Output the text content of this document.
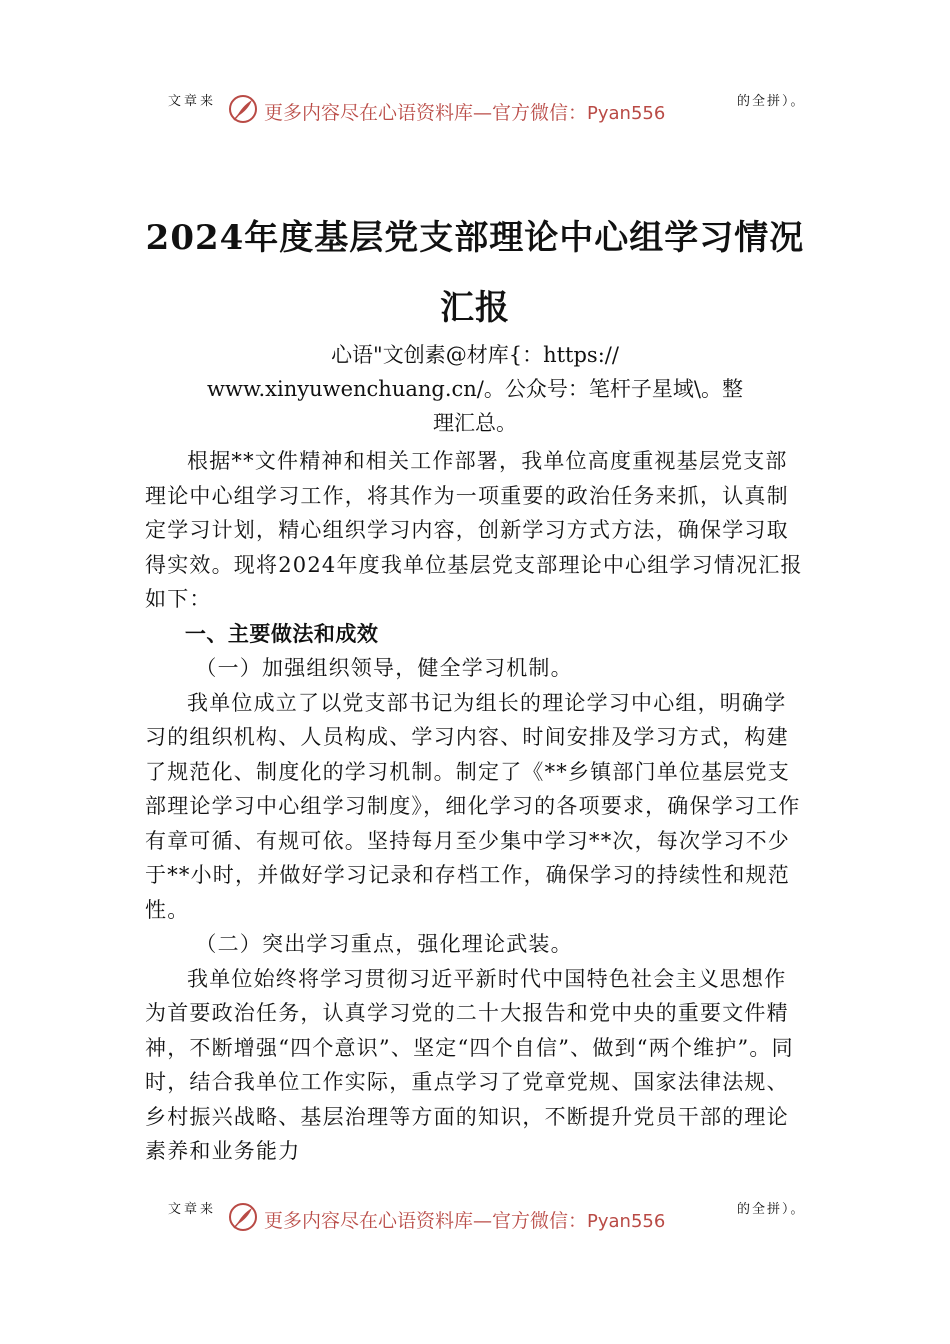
文章来
更多内容尽在心语资料库—官方微信：Pyan556
的全拼）。
2024年度基层党支部理论中心组学习情况
汇报
心语"文创素@材库{：https://
www.xinyuwenchuang.cn/。公众号：笔杆子星域\。整
理汇总。

根据**文件精神和相关工作部署，我单位高度重视基层党支部理论中心组学习工作，将其作为一项重要的政治任务来抓，认真制定学习计划，精心组织学习内容，创新学习方式方法，确保学习取得实效。现将2024年度我单位基层党支部理论中心组学习情况汇报如下：

一、主要做法和成效

（一）加强组织领导，健全学习机制。

我单位成立了以党支部书记为组长的理论学习中心组，明确学习的组织机构、人员构成、学习内容、时间安排及学习方式，构建了规范化、制度化的学习机制。制定了《**乡镇部门单位基层党支部理论学习中心组学习制度》，细化学习的各项要求，确保学习工作有章可循、有规可依。坚持每月至少集中学习**次，每次学习不少于**小时，并做好学习记录和存档工作，确保学习的持续性和规范性。

（二）突出学习重点，强化理论武装。

我单位始终将学习贯彻习近平新时代中国特色社会主义思想作为首要政治任务，认真学习党的二十大报告和党中央的重要文件精神，不断增强“四个意识”、坚定“四个自信”、做到“两个维护”。同时，结合我单位工作实际，重点学习了党章党规、国家法律法规、乡村振兴战略、基层治理等方面的知识，不断提升党员干部的理论素养和业务能力

文章来
更多内容尽在心语资料库—官方微信：Pyan556
的全拼）。
